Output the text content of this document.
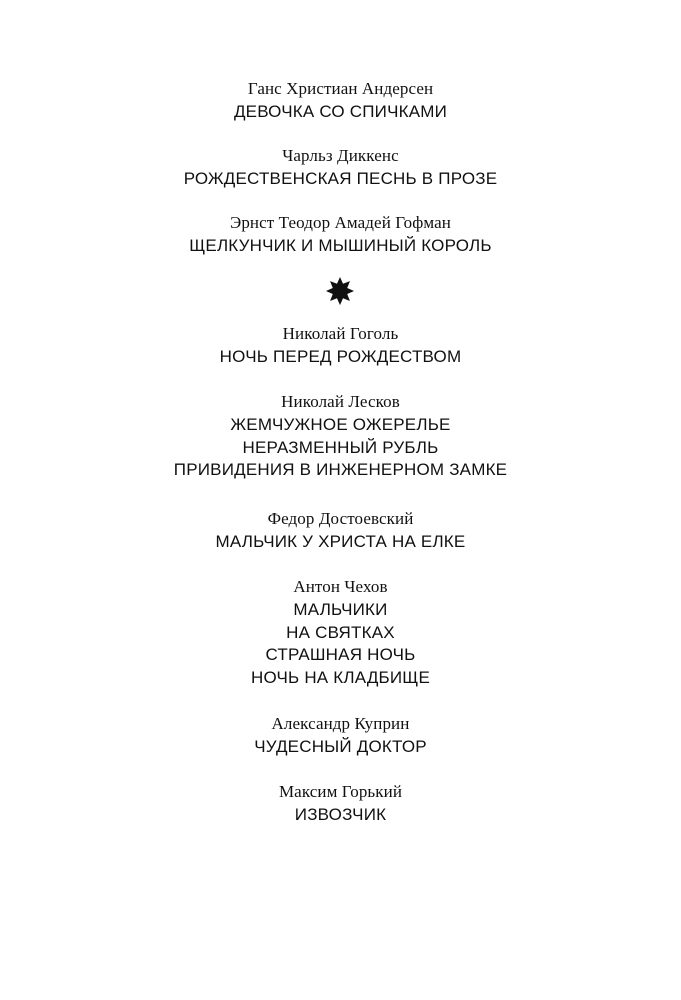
Ганс Христиан Андерсен
ДЕВОЧКА СО СПИЧКАМИ
Чарльз Диккенс
РОЖДЕСТВЕНСКАЯ ПЕСНЬ В ПРОЗЕ
Эрнст Теодор Амадей Гофман
ЩЕЛКУНЧИК И МЫШИНЫЙ КОРОЛЬ
Николай Гоголь
НОЧЬ ПЕРЕД РОЖДЕСТВОМ
Николай Лесков
ЖЕМЧУЖНОЕ ОЖЕРЕЛЬЕ
НЕРАЗМЕННЫЙ РУБЛЬ
ПРИВИДЕНИЯ В ИНЖЕНЕРНОМ ЗАМКЕ
Федор Достоевский
МАЛЬЧИК У ХРИСТА НА ЕЛКЕ
Антон Чехов
МАЛЬЧИКИ
НА СВЯТКАХ
СТРАШНАЯ НОЧЬ
НОЧЬ НА КЛАДБИЩЕ
Александр Куприн
ЧУДЕСНЫЙ ДОКТОР
Максим Горький
ИЗВОЗЧИК
